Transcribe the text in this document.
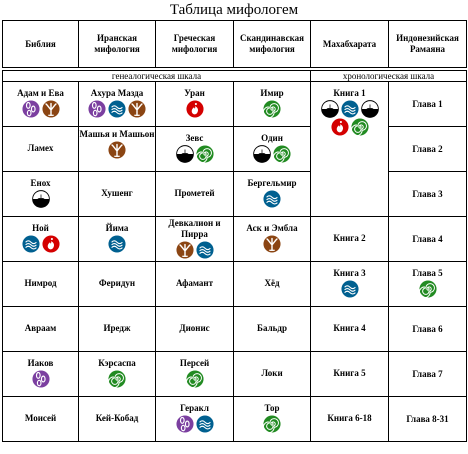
Таблица мифологем
Библия	Иранская мифология	Греческая мифология	Скандинавская мифология	Махабхарата	Индонезийская Рамаяна

генеалогическая шкала				хронологическая шкала	

Адам и Ева	Ахура Мазда	Уран	Имир	Книга 1	Глава 1

Ламех	Машья и Машьон	Зевс	Один		Глава 2

Енох	Хушенг	Прометей	Бергельмир		Глава 3

Ной	Йима	Девкалион и Пирра	Аск и Эмбла	Книга 2	Глава 4

Нимрод	Феридун	Афамант	Хёд	Книга 3	Глава 5

Авраам	Иредж	Дионис	Бальдр	Книга 4	Глава 6

Иаков	Кэрсаспа	Персей	Локи	Книга 5	Глава 7

Моисей	Кей-Кобад	Геракл	Тор	Книга 6-18	Глава 8-31
